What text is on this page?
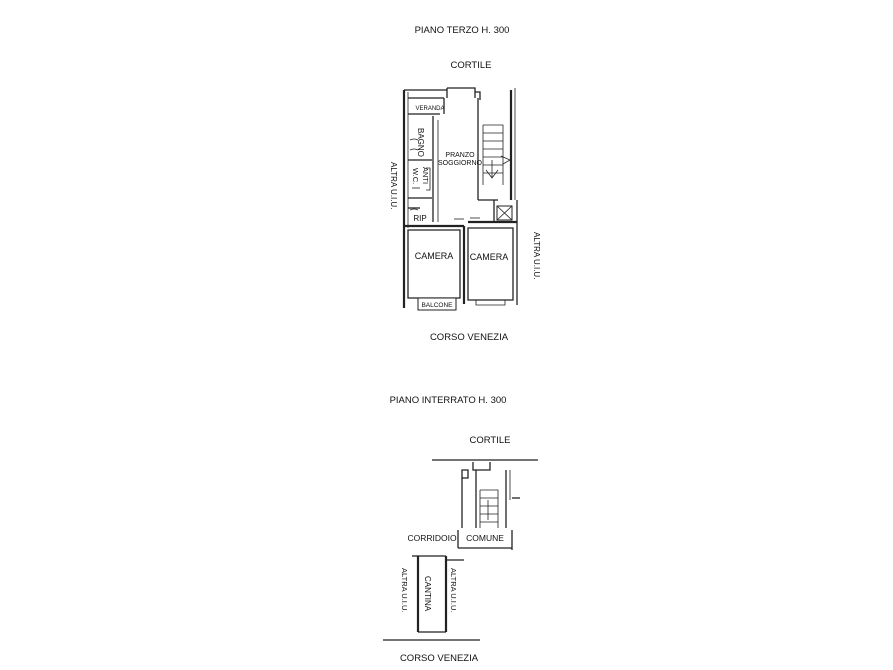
PIANO TERZO H. 300
CORTILE
VERANDA
BAGNO	PRANZO
SOGGIORNO
ANTI
W.C.
RIP
CAMERA CAMERA
BALCONE
ALTRA U.I.U.
ALTRA U.I.U.
CORSO VENEZIA
PIANO INTERRATO H. 300
CORTILE
CORRIDOIO COMUNE
CANTINA
ALTRA U.I.U.	ALTRA U.I.U.
CORSO VENEZIA
